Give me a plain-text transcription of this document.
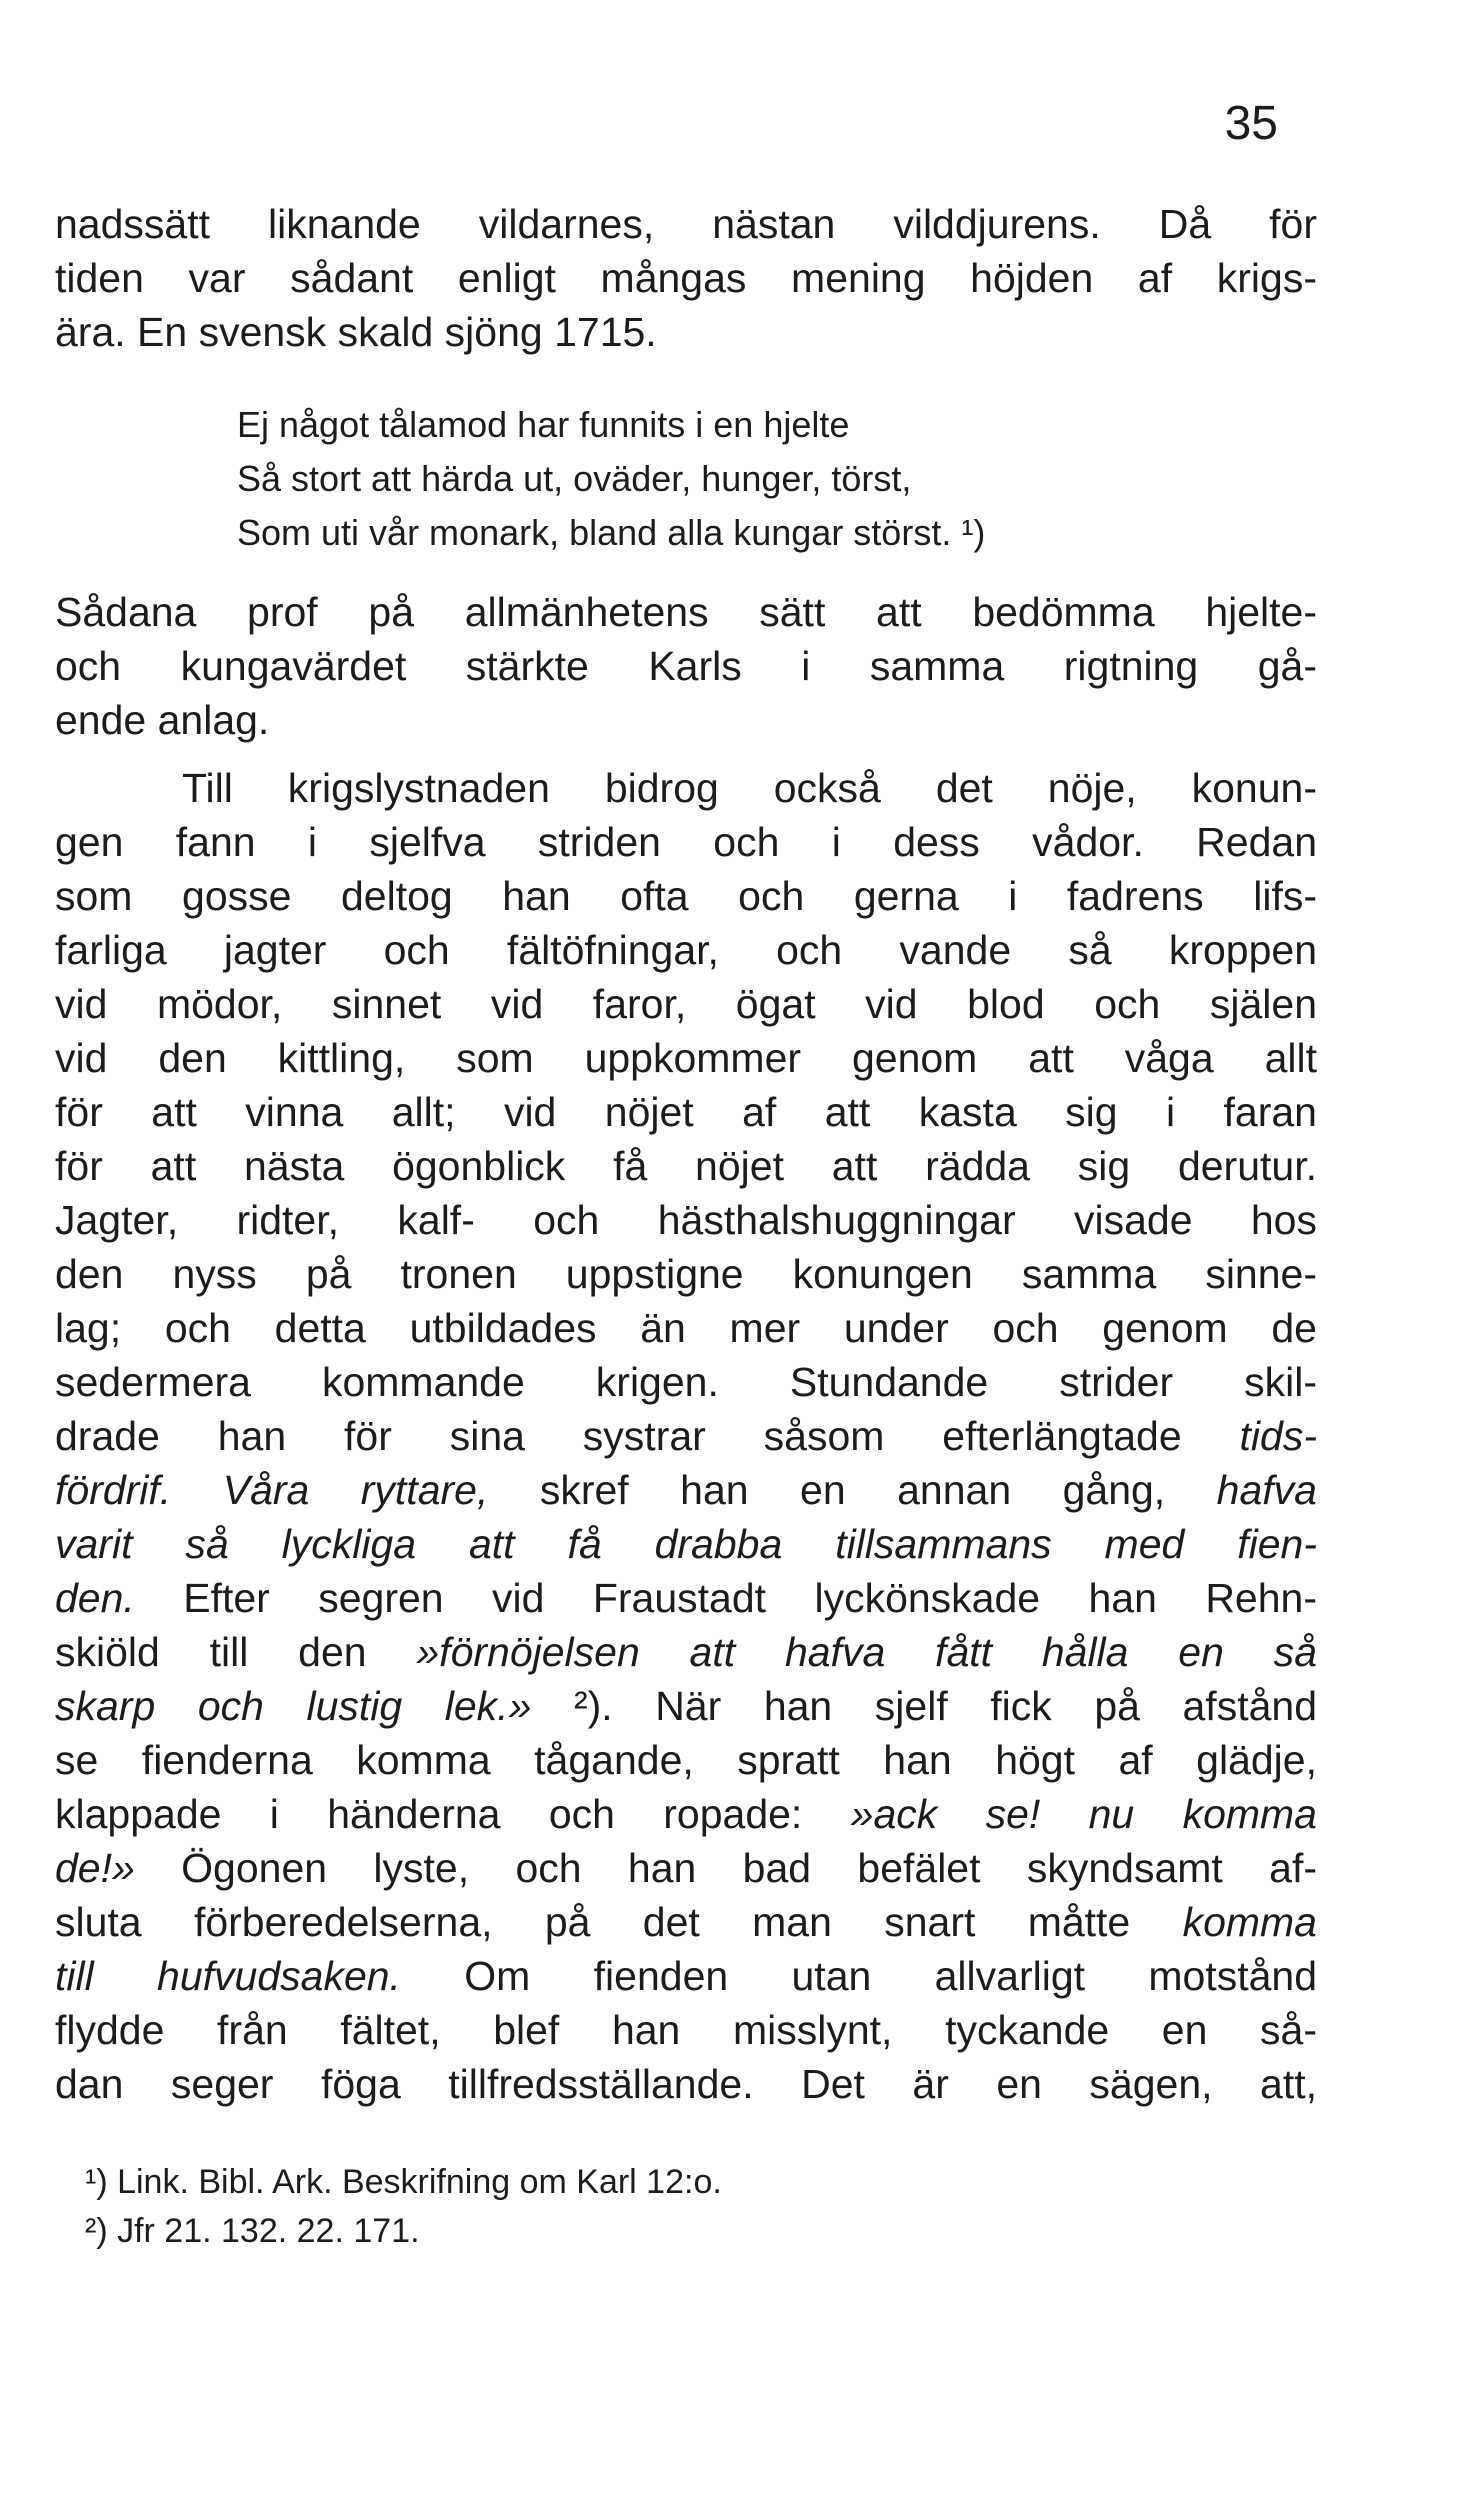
35
nadssätt liknande vildarnes, nästan vilddjurens. Då för
tiden var sådant enligt mångas mening höjden af krigs-
ära. En svensk skald sjöng 1715.
Ej något tålamod har funnits i en hjelte
Så stort att härda ut, oväder, hunger, törst,
Som uti vår monark, bland alla kungar störst. ¹)
Sådana prof på allmänhetens sätt att bedömma hjelte-
och kungavärdet stärkte Karls i samma rigtning gå-
ende anlag.
Till krigslystnaden bidrog också det nöje, konun-
gen fann i sjelfva striden och i dess vådor. Redan
som gosse deltog han ofta och gerna i fadrens lifs-
farliga jagter och fältöfningar, och vande så kroppen
vid mödor, sinnet vid faror, ögat vid blod och själen
vid den kittling, som uppkommer genom att våga allt
för att vinna allt; vid nöjet af att kasta sig i faran
för att nästa ögonblick få nöjet att rädda sig derutur.
Jagter, ridter, kalf- och hästhalshuggningar visade hos
den nyss på tronen uppstigne konungen samma sinne-
lag; och detta utbildades än mer under och genom de
sedermera kommande krigen. Stundande strider skil-
drade han för sina systrar såsom efterlängtade tids-
fördrif. Våra ryttare, skref han en annan gång, hafva
varit så lyckliga att få drabba tillsammans med fien-
den. Efter segren vid Fraustadt lyckönskade han Rehn-
skiöld till den »förnöjelsen att hafva fått hålla en så
skarp och lustig lek.» ²). När han sjelf fick på afstånd
se fienderna komma tågande, spratt han högt af glädje,
klappade i händerna och ropade: »ack se! nu komma
de!» Ögonen lyste, och han bad befälet skyndsamt af-
sluta förberedelserna, på det man snart måtte komma
till hufvudsaken. Om fienden utan allvarligt motstånd
flydde från fältet, blef han misslynt, tyckande en så-
dan seger föga tillfredsställande. Det är en sägen, att,
¹) Link. Bibl. Ark. Beskrifning om Karl 12:o.
²) Jfr 21. 132. 22. 171.
